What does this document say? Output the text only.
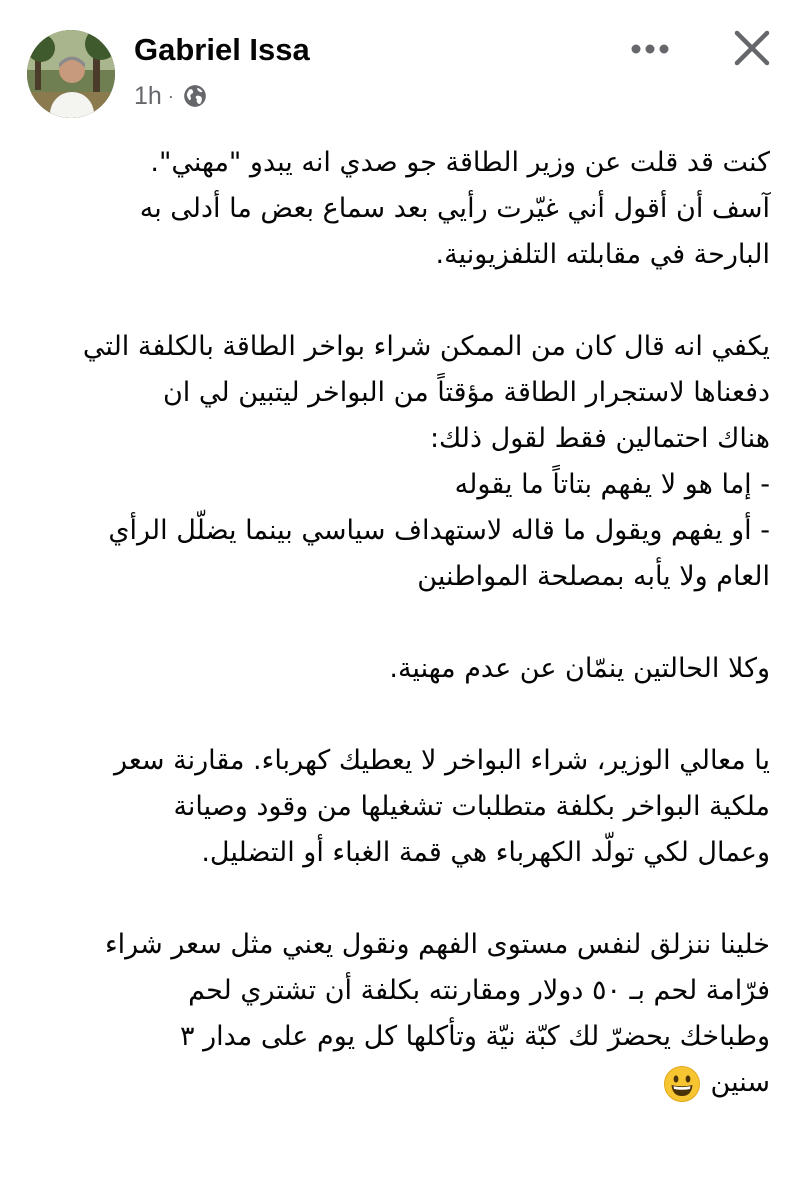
Gabriel Issa
1h ·

كنت قد قلت عن وزير الطاقة جو صدي انه يبدو "مهني".
آسف أن أقول أني غيّرت رأيي بعد سماع بعض ما أدلى به
البارحة في مقابلته التلفزيونية.

يكفي انه قال كان من الممكن شراء بواخر الطاقة بالكلفة التي
دفعناها لاستجرار الطاقة مؤقتاً من البواخر ليتبين لي ان
هناك احتمالين فقط لقول ذلك:
- إما هو لا يفهم بتاتاً ما يقوله
- أو يفهم ويقول ما قاله لاستهداف سياسي بينما يضلّل الرأي
العام ولا يأبه بمصلحة المواطنين

وكلا الحالتين ينمّان عن عدم مهنية.

يا معالي الوزير، شراء البواخر لا يعطيك كهرباء. مقارنة سعر
ملكية البواخر بكلفة متطلبات تشغيلها من وقود وصيانة
وعمال لكي تولّد الكهرباء هي قمة الغباء أو التضليل.

خلينا ننزلق لنفس مستوى الفهم ونقول يعني مثل سعر شراء
فرّامة لحم بـ ٥٠ دولار ومقارنته بكلفة أن تشتري لحم
وطباخك يحضرّ لك كبّة نيّة وتأكلها كل يوم على مدار ٣
سنين
